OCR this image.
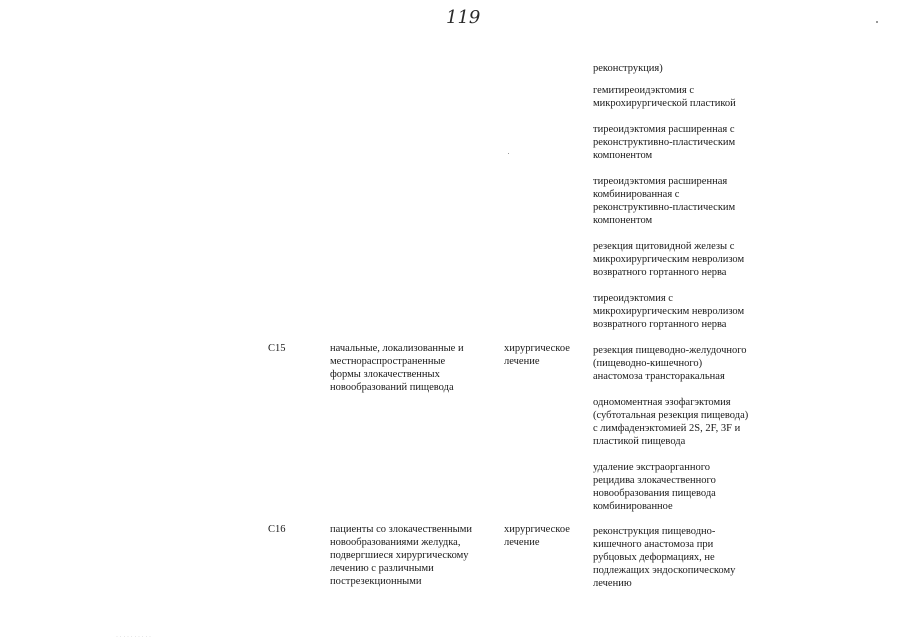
119
реконструкция)
гемитиреоидэктомия с
микрохирургической пластикой
тиреоидэктомия расширенная с
реконструктивно-пластическим
компонентом
тиреоидэктомия расширенная
комбинированная с
реконструктивно-пластическим
компонентом
резекция щитовидной железы с
микрохирургическим невролизом
возвратного гортанного нерва
тиреоидэктомия с
микрохирургическим невролизом
возвратного гортанного нерва
C15	начальные, локализованные и
местнораспространенные
формы злокачественных
новообразований пищевода
хирургическое
лечение
резекция пищеводно-желудочного
(пищеводно-кишечного)
анастомоза трансторакальная
одномоментная эзофагэктомия
(субтотальная резекция пищевода)
с лимфаденэктомией 2S, 2F, 3F и
пластикой пищевода
удаление экстраорганного
рецидива злокачественного
новообразования пищевода
комбинированное
C16	пациенты со злокачественными
новообразованиями желудка,
подвергшиеся хирургическому
лечению с различными
пострезекционными
хирургическое
лечение
реконструкция пищеводно-
кишечного анастомоза при
рубцовых деформациях, не
подлежащих эндоскопическому
лечению
· · · · · · · · · ·
